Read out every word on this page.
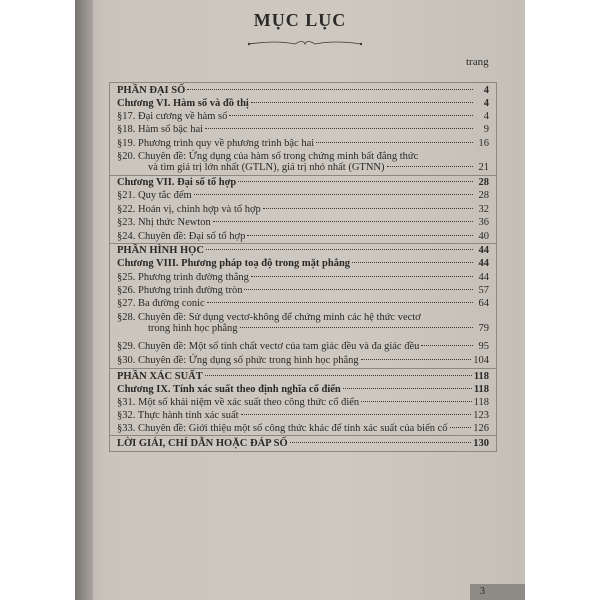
MỤC LỤC
trang
PHẦN ĐẠI SỐ	4
Chương VI. Hàm số và đồ thị	4
§17. Đại cương về hàm số	4
§18. Hàm số bậc hai	9
§19. Phương trình quy về phương trình bậc hai	16
§20. Chuyên đề: Ứng dụng của hàm số trong chứng minh bất đẳng thức
và tìm giá trị lớn nhất (GTLN), giá trị nhỏ nhất (GTNN)	21
Chương VII. Đại số tổ hợp	28
§21. Quy tắc đếm	28
§22. Hoán vị, chỉnh hợp và tổ hợp	32
§23. Nhị thức Newton	36
§24. Chuyên đề: Đại số tổ hợp	40
PHẦN HÌNH HỌC	44
Chương VIII. Phương pháp toạ độ trong mặt phẳng	44
§25. Phương trình đường thẳng	44
§26. Phương trình đường tròn	57
§27. Ba đường conic	64
§28. Chuyên đề: Sử dụng vectơ-không để chứng minh các hệ thức vectơ
trong hình học phẳng	79
§29. Chuyên đề: Một số tính chất vectơ của tam giác đều và đa giác đều	95
§30. Chuyên đề: Ứng dụng số phức trong hình học phẳng	104
PHẦN XÁC SUẤT	118
Chương IX. Tính xác suất theo định nghĩa cổ điển	118
§31. Một số khái niệm về xác suất theo công thức cổ điển	118
§32. Thực hành tính xác suất	123
§33. Chuyên đề: Giới thiệu một số công thức khác để tính xác suất của biến cố 126
LỜI GIẢI, CHỈ DẪN HOẶC ĐÁP SỐ	130
3
